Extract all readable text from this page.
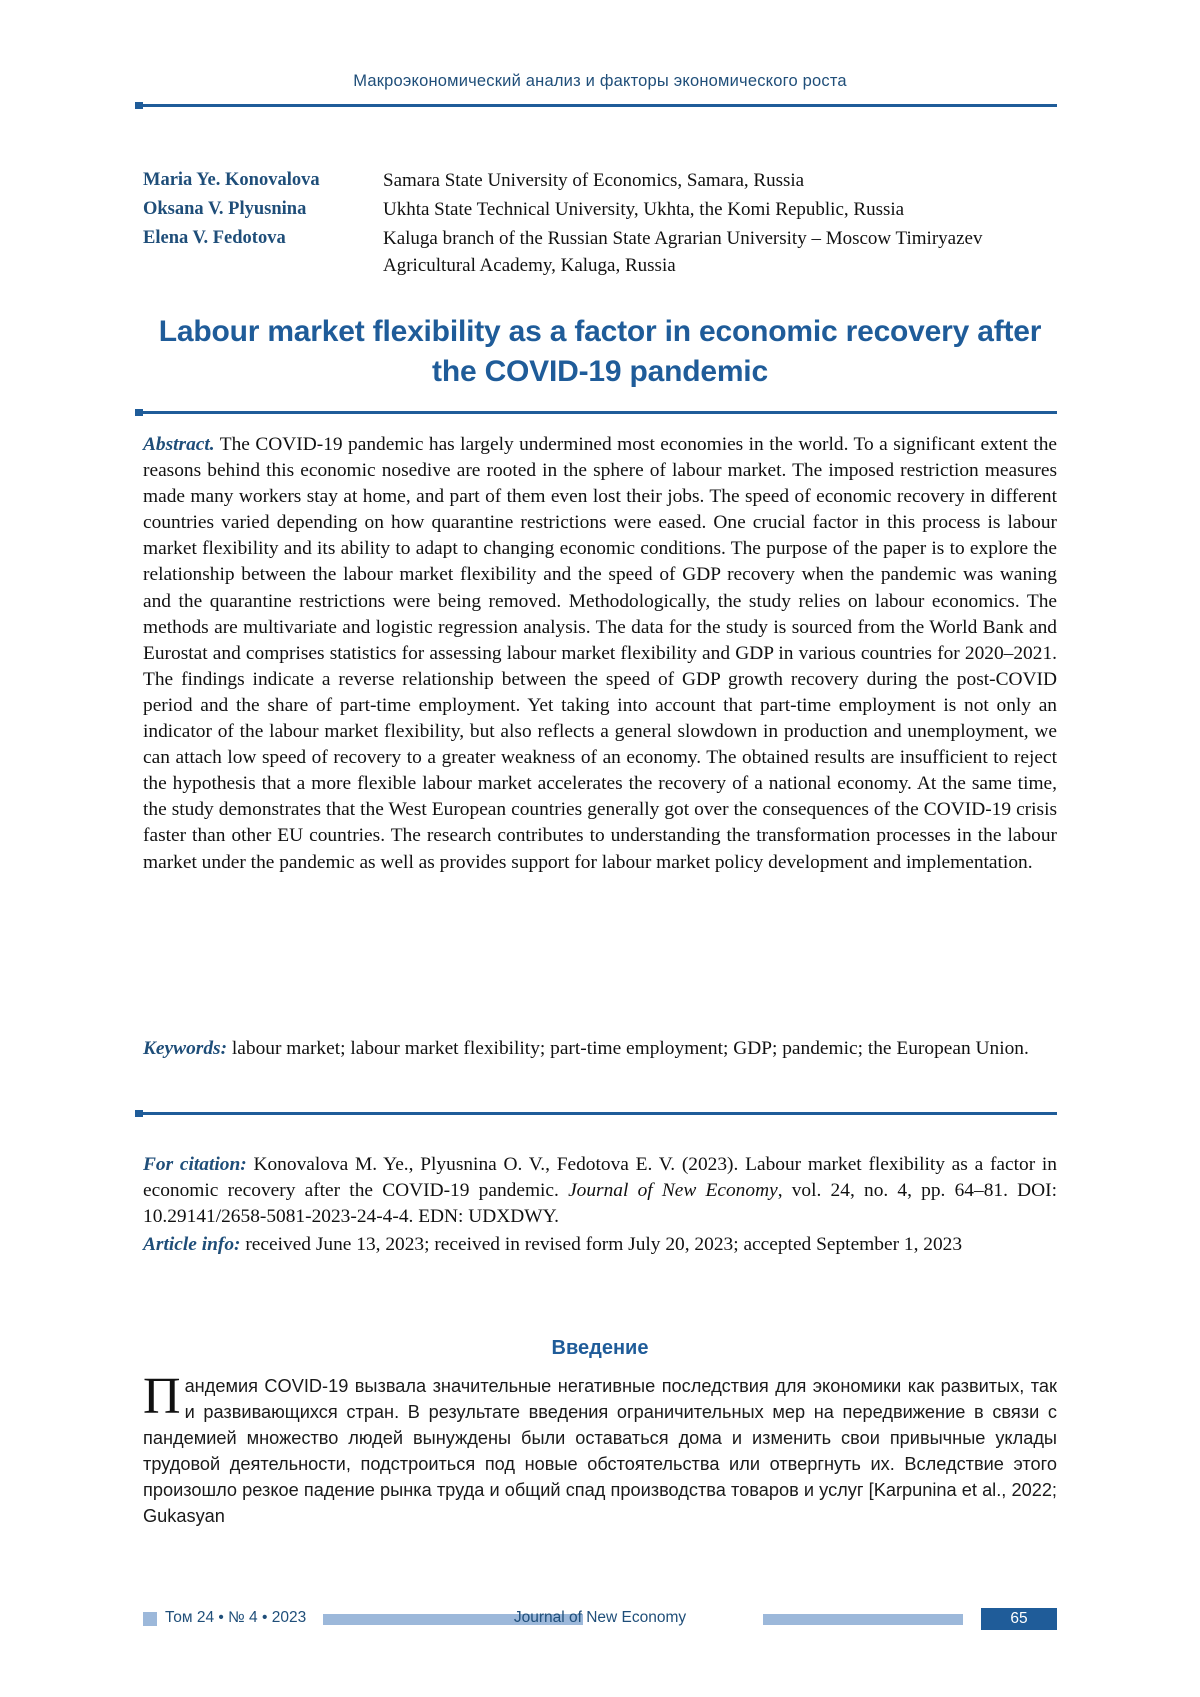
Макроэкономический анализ и факторы экономического роста
Maria Ye. Konovalova	Samara State University of Economics, Samara, Russia
Oksana V. Plyusnina	Ukhta State Technical University, Ukhta, the Komi Republic, Russia
Elena V. Fedotova	Kaluga branch of the Russian State Agrarian University – Moscow Timiryazev Agricultural Academy, Kaluga, Russia
Labour market flexibility as a factor in economic recovery after the COVID-19 pandemic
Abstract. The COVID-19 pandemic has largely undermined most economies in the world. To a significant extent the reasons behind this economic nosedive are rooted in the sphere of labour market. The imposed restriction measures made many workers stay at home, and part of them even lost their jobs. The speed of economic recovery in different countries varied depending on how quarantine restrictions were eased. One crucial factor in this process is labour market flexibility and its ability to adapt to changing economic conditions. The purpose of the paper is to explore the relationship between the labour market flexibility and the speed of GDP recovery when the pandemic was waning and the quarantine restrictions were being removed. Methodologically, the study relies on labour economics. The methods are multivariate and logistic regression analysis. The data for the study is sourced from the World Bank and Eurostat and comprises statistics for assessing labour market flexibility and GDP in various countries for 2020–2021. The findings indicate a reverse relationship between the speed of GDP growth recovery during the post-COVID period and the share of part-time employment. Yet taking into account that part-time employment is not only an indicator of the labour market flexibility, but also reflects a general slowdown in production and unemployment, we can attach low speed of recovery to a greater weakness of an economy. The obtained results are insufficient to reject the hypothesis that a more flexible labour market accelerates the recovery of a national economy. At the same time, the study demonstrates that the West European countries generally got over the consequences of the COVID-19 crisis faster than other EU countries. The research contributes to understanding the transformation processes in the labour market under the pandemic as well as provides support for labour market policy development and implementation.
Keywords: labour market; labour market flexibility; part-time employment; GDP; pandemic; the European Union.
For citation: Konovalova M. Ye., Plyusnina O. V., Fedotova E. V. (2023). Labour market flexibility as a factor in economic recovery after the COVID-19 pandemic. Journal of New Economy, vol. 24, no. 4, pp. 64–81. DOI: 10.29141/2658-5081-2023-24-4-4. EDN: UDXDWY.
Article info: received June 13, 2023; received in revised form July 20, 2023; accepted September 1, 2023
Введение
Пандемия COVID-19 вызвала значительные негативные последствия для экономики как развитых, так и развивающихся стран. В результате введения ограничительных мер на передвижение в связи с пандемией множество людей вынуждены были оставаться дома и изменить свои привычные уклады трудовой деятельности, подстроиться под новые обстоятельства или отвергнуть их. Вследствие этого произошло резкое падение рынка труда и общий спад производства товаров и услуг [Karpunina et al., 2022; Gukasyan
Том 24 • № 4 • 2023	Journal of New Economy	65
